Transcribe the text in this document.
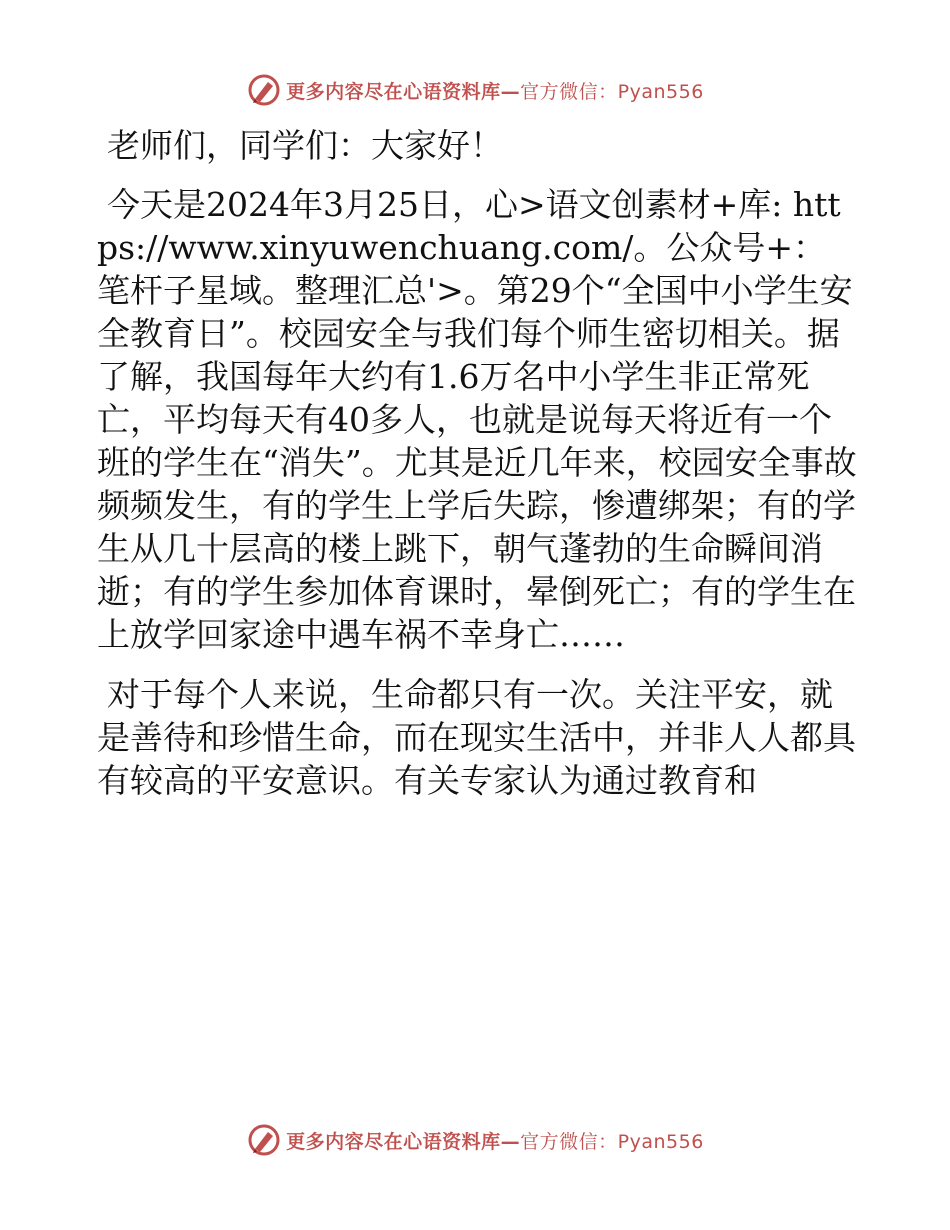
更多内容尽在心语资料库—官方微信：Pyan556

老师们，同学们：大家好！

今天是2024年3月25日，心>语文创素材+库: https://www.xinyuwenchuang.com/。公众号+：笔杆子星域。整理汇总'>。第29个“全国中小学生安全教育日”。校园安全与我们每个师生密切相关。据了解，我国每年大约有1.6万名中小学生非正常死亡，平均每天有40多人，也就是说每天将近有一个班的学生在“消失”。尤其是近几年来，校园安全事故频频发生，有的学生上学后失踪，惨遭绑架；有的学生从几十层高的楼上跳下，朝气蓬勃的生命瞬间消逝；有的学生参加体育课时，晕倒死亡；有的学生在上放学回家途中遇车祸不幸身亡……

对于每个人来说，生命都只有一次。关注平安，就是善待和珍惜生命，而在现实生活中，并非人人都具有较高的平安意识。有关专家认为通过教育和

更多内容尽在心语资料库—官方微信：Pyan556
